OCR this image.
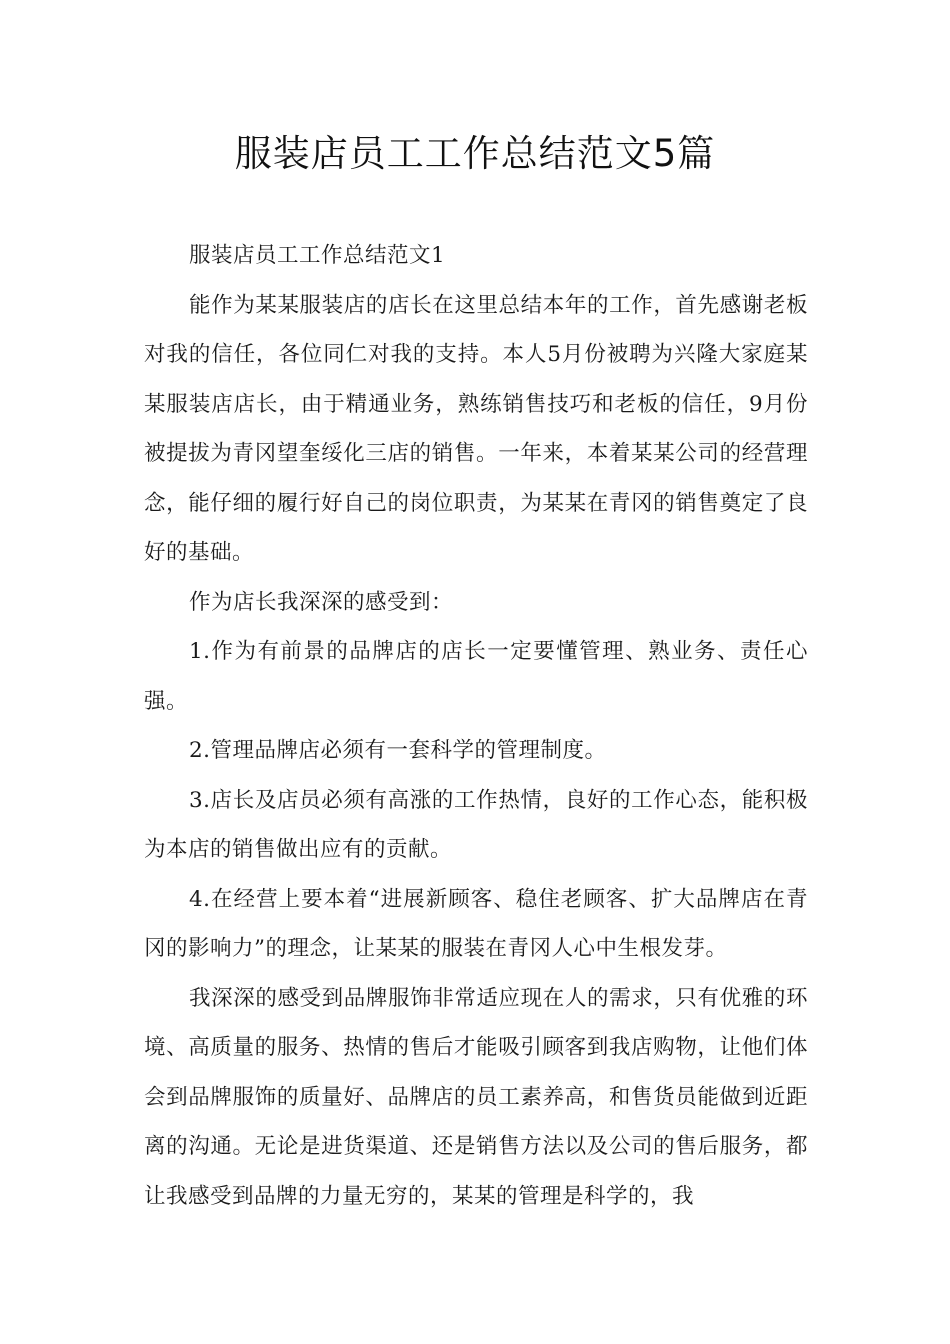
服装店员工工作总结范文5篇

服装店员工工作总结范文1

能作为某某服装店的店长在这里总结本年的工作，首先感谢老板对我的信任，各位同仁对我的支持。本人5月份被聘为兴隆大家庭某某服装店店长，由于精通业务，熟练销售技巧和老板的信任，9月份被提拔为青冈望奎绥化三店的销售。一年来，本着某某公司的经营理念，能仔细的履行好自己的岗位职责，为某某在青冈的销售奠定了良好的基础。

作为店长我深深的感受到：

1.作为有前景的品牌店的店长一定要懂管理、熟业务、责任心强。

2.管理品牌店必须有一套科学的管理制度。

3.店长及店员必须有高涨的工作热情，良好的工作心态，能积极为本店的销售做出应有的贡献。

4.在经营上要本着“进展新顾客、稳住老顾客、扩大品牌店在青冈的影响力”的理念，让某某的服装在青冈人心中生根发芽。

我深深的感受到品牌服饰非常适应现在人的需求，只有优雅的环境、高质量的服务、热情的售后才能吸引顾客到我店购物，让他们体会到品牌服饰的质量好、品牌店的员工素养高，和售货员能做到近距离的沟通。无论是进货渠道、还是销售方法以及公司的售后服务，都让我感受到品牌的力量无穷的，某某的管理是科学的，我
